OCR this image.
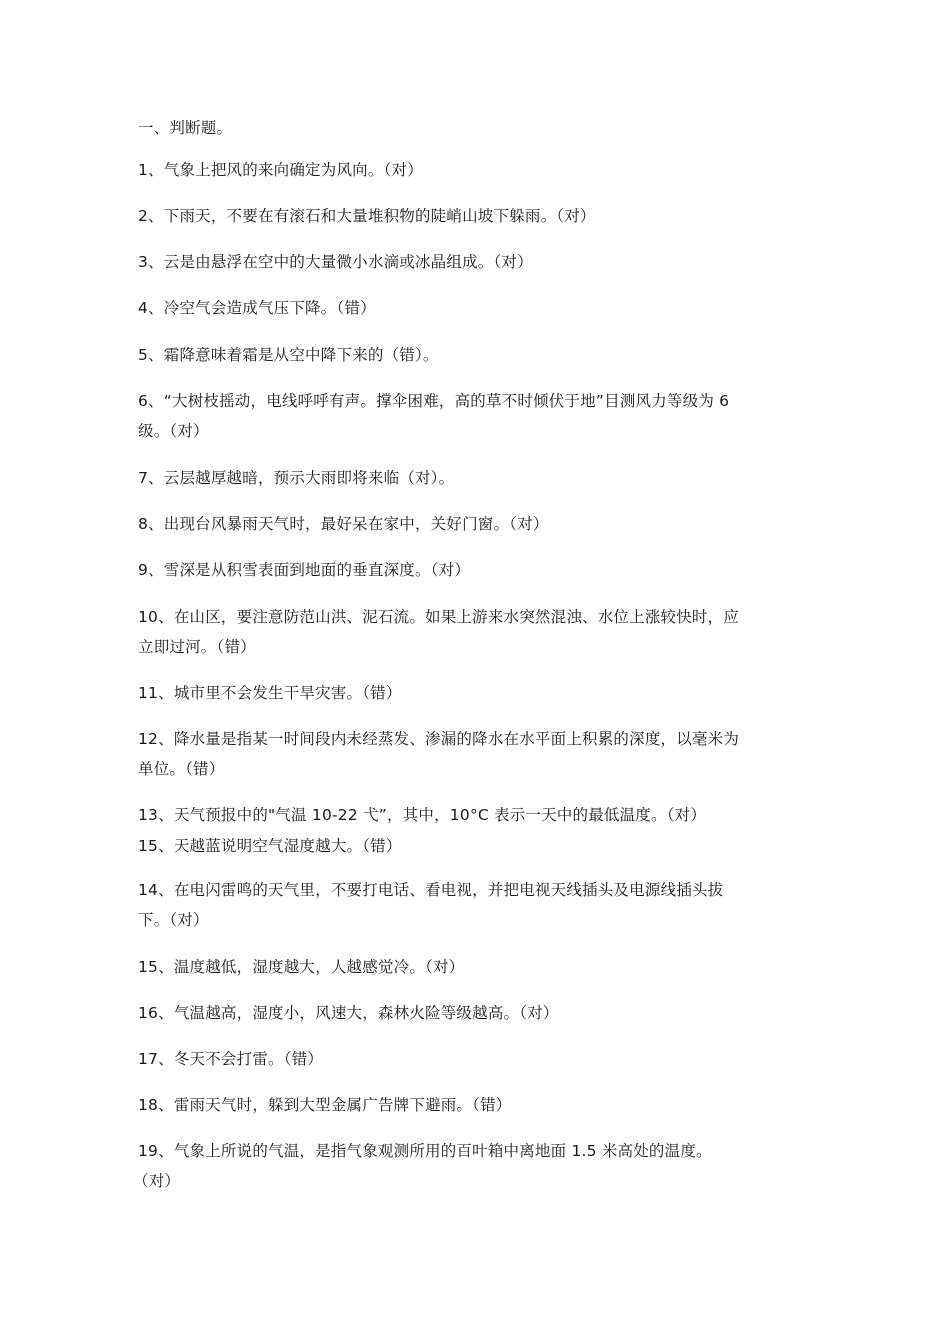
一、判断题。
1、气象上把风的来向确定为风向。（对）
2、下雨天，不要在有滚石和大量堆积物的陡峭山坡下躲雨。（对）
3、云是由悬浮在空中的大量微小水滴或冰晶组成。（对）
4、冷空气会造成气压下降。（错）
5、霜降意味着霜是从空中降下来的（错）。
6、“大树枝摇动，电线呼呼有声。撑伞困难，高的草不时倾伏于地”目测风力等级为 6
级。（对）
7、云层越厚越暗，预示大雨即将来临（对）。
8、出现台风暴雨天气时，最好呆在家中，关好门窗。（对）
9、雪深是从积雪表面到地面的垂直深度。（对）
10、在山区，要注意防范山洪、泥石流。如果上游来水突然混浊、水位上涨较快时，应
立即过河。（错）
11、城市里不会发生干旱灾害。（错）
12、降水量是指某一时间段内未经蒸发、渗漏的降水在水平面上积累的深度，以毫米为
单位。（错）
13、天气预报中的"气温 10-22 弋”，其中，10°C 表示一天中的最低温度。（对）
15、天越蓝说明空气湿度越大。（错）
14、在电闪雷鸣的天气里，不要打电话、看电视，并把电视天线插头及电源线插头拔
下。（对）
15、温度越低，湿度越大，人越感觉冷。（对）
16、气温越高，湿度小，风速大，森林火险等级越高。（对）
17、冬天不会打雷。（错）
18、雷雨天气时，躲到大型金属广告牌下避雨。（错）
19、气象上所说的气温，是指气象观测所用的百叶箱中离地面 1.5 米高处的温度。
（对）
